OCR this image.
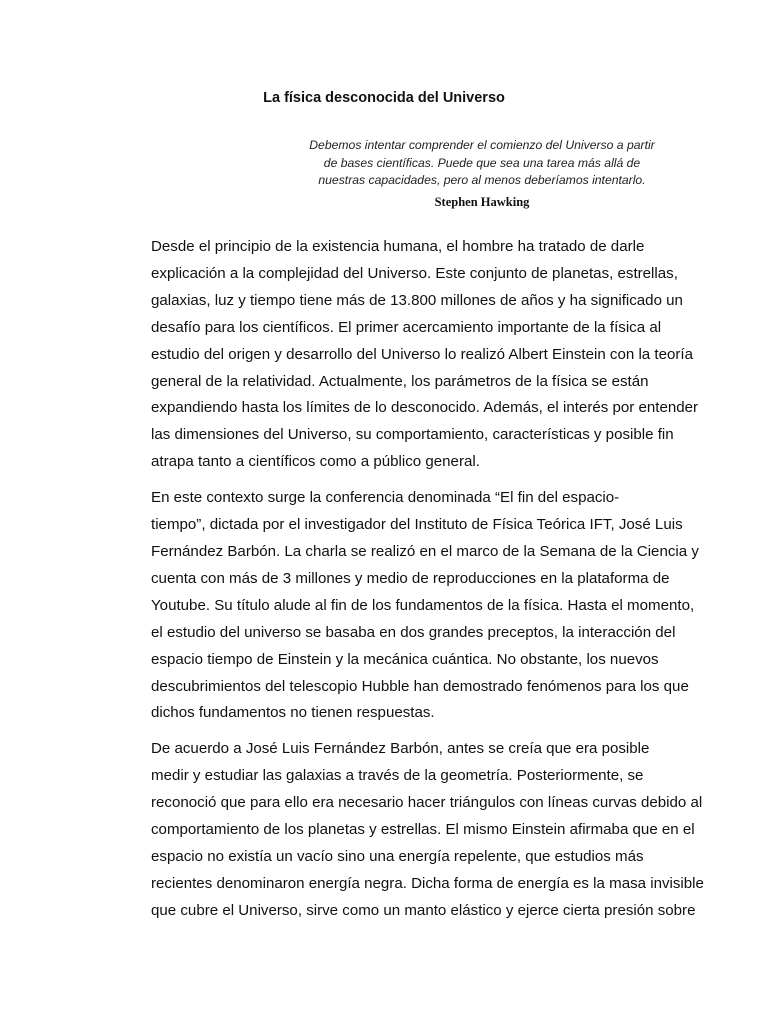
La física desconocida del Universo

Debemos intentar comprender el comienzo del Universo a partir
de bases científicas. Puede que sea una tarea más allá de
nuestras capacidades, pero al menos deberíamos intentarlo.

Stephen Hawking

Desde el principio de la existencia humana, el hombre ha tratado de darle
explicación a la complejidad del Universo. Este conjunto de planetas, estrellas,
galaxias, luz y tiempo tiene más de 13.800 millones de años y ha significado un
desafío para los científicos. El primer acercamiento importante de la física al
estudio del origen y desarrollo del Universo lo realizó Albert Einstein con la teoría
general de la relatividad. Actualmente, los parámetros de la física se están
expandiendo hasta los límites de lo desconocido. Además, el interés por entender
las dimensiones del Universo, su comportamiento, características y posible fin
atrapa tanto a científicos como a público general.

En este contexto surge la conferencia denominada “El fin del espacio-
tiempo”, dictada por el investigador del Instituto de Física Teórica IFT, José Luis
Fernández Barbón. La charla se realizó en el marco de la Semana de la Ciencia y
cuenta con más de 3 millones y medio de reproducciones en la plataforma de
Youtube. Su título alude al fin de los fundamentos de la física. Hasta el momento,
el estudio del universo se basaba en dos grandes preceptos, la interacción del
espacio tiempo de Einstein y la mecánica cuántica. No obstante, los nuevos
descubrimientos del telescopio Hubble han demostrado fenómenos para los que
dichos fundamentos no tienen respuestas.

De acuerdo a José Luis Fernández Barbón, antes se creía que era posible
medir y estudiar las galaxias a través de la geometría. Posteriormente, se
reconoció que para ello era necesario hacer triángulos con líneas curvas debido al
comportamiento de los planetas y estrellas. El mismo Einstein afirmaba que en el
espacio no existía un vacío sino una energía repelente, que estudios más
recientes denominaron energía negra. Dicha forma de energía es la masa invisible
que cubre el Universo, sirve como un manto elástico y ejerce cierta presión sobre
